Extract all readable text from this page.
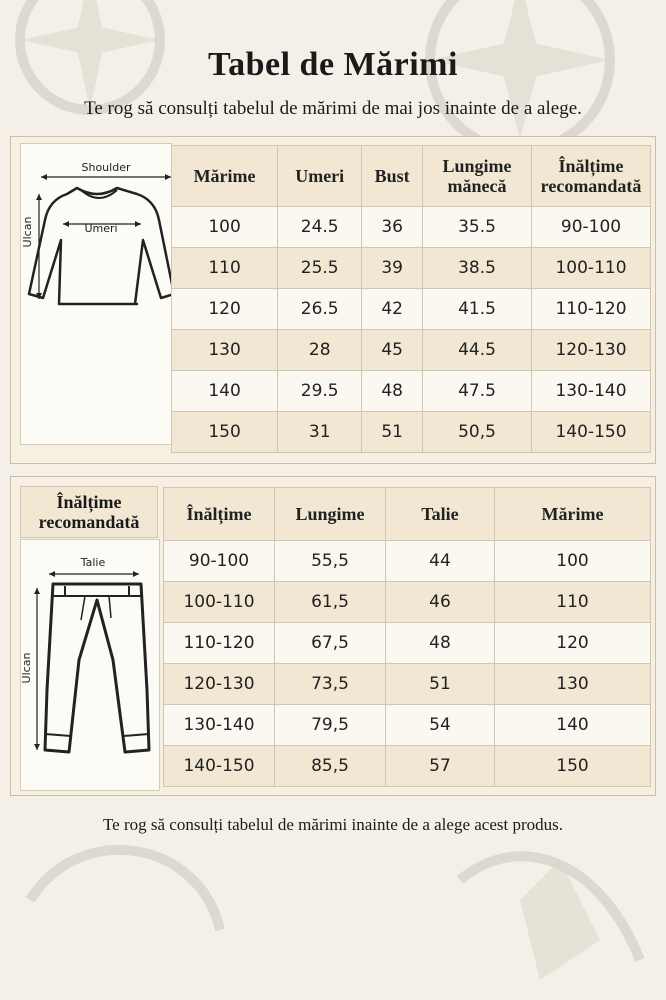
Tabel de Mărimi
Te rog să consulți tabelul de mărimi de mai jos inainte de a alege.
Shoulder
Umeri
Ulcan
Mărime	Umeri	Bust	Lungime mănecă	Înălțime recomandată
100	24.5	36	35.5	90-100
110	25.5	39	38.5	100-110
120	26.5	42	41.5	110-120
130	28	45	44.5	120-130
140	29.5	48	47.5	130-140
150	31	51	50,5	140-150
Înălțime recomandată
Talie
Ulcan
Înălțime	Lungime	Talie	Mărime
90-100	55,5	44	100
100-110	61,5	46	110
110-120	67,5	48	120
120-130	73,5	51	130
130-140	79,5	54	140
140-150	85,5	57	150
Te rog să consulți tabelul de mărimi inainte de a alege acest produs.
